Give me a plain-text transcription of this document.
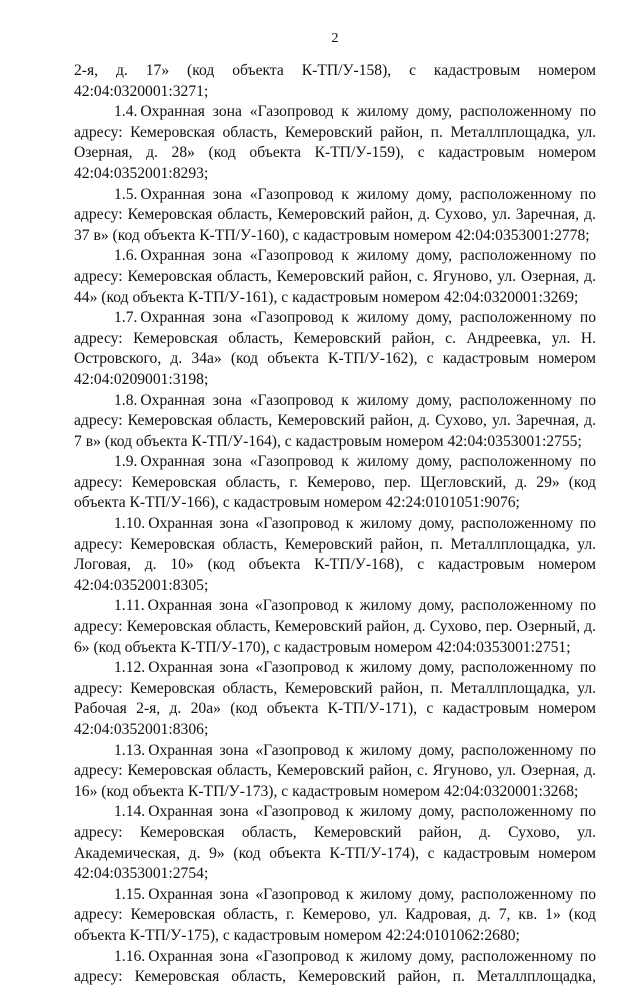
2

2-я, д. 17» (код объекта К-ТП/У-158), с кадастровым номером 42:04:0320001:3271;

1.4. Охранная зона «Газопровод к жилому дому, расположенному по адресу: Кемеровская область, Кемеровский район, п. Металлплощадка, ул. Озерная, д. 28» (код объекта К-ТП/У-159), с кадастровым номером 42:04:0352001:8293;

1.5. Охранная зона «Газопровод к жилому дому, расположенному по адресу: Кемеровская область, Кемеровский район, д. Сухово, ул. Заречная, д. 37 в» (код объекта К-ТП/У-160), с кадастровым номером 42:04:0353001:2778;

1.6. Охранная зона «Газопровод к жилому дому, расположенному по адресу: Кемеровская область, Кемеровский район, с. Ягуново, ул. Озерная, д. 44» (код объекта К-ТП/У-161), с кадастровым номером 42:04:0320001:3269;

1.7. Охранная зона «Газопровод к жилому дому, расположенному по адресу: Кемеровская область, Кемеровский район, с. Андреевка, ул. Н. Островского, д. 34а» (код объекта К-ТП/У-162), с кадастровым номером 42:04:0209001:3198;

1.8. Охранная зона «Газопровод к жилому дому, расположенному по адресу: Кемеровская область, Кемеровский район, д. Сухово, ул. Заречная, д. 7 в» (код объекта К-ТП/У-164), с кадастровым номером 42:04:0353001:2755;

1.9. Охранная зона «Газопровод к жилому дому, расположенному по адресу: Кемеровская область, г. Кемерово, пер. Щегловский, д. 29» (код объекта К-ТП/У-166), с кадастровым номером 42:24:0101051:9076;

1.10. Охранная зона «Газопровод к жилому дому, расположенному по адресу: Кемеровская область, Кемеровский район, п. Металлплощадка, ул. Логовая, д. 10» (код объекта К-ТП/У-168), с кадастровым номером 42:04:0352001:8305;

1.11. Охранная зона «Газопровод к жилому дому, расположенному по адресу: Кемеровская область, Кемеровский район, д. Сухово, пер. Озерный, д. 6» (код объекта К-ТП/У-170), с кадастровым номером 42:04:0353001:2751;

1.12. Охранная зона «Газопровод к жилому дому, расположенному по адресу: Кемеровская область, Кемеровский район, п. Металлплощадка, ул. Рабочая 2-я, д. 20а» (код объекта К-ТП/У-171), с кадастровым номером 42:04:0352001:8306;

1.13. Охранная зона «Газопровод к жилому дому, расположенному по адресу: Кемеровская область, Кемеровский район, с. Ягуново, ул. Озерная, д. 16» (код объекта К-ТП/У-173), с кадастровым номером 42:04:0320001:3268;

1.14. Охранная зона «Газопровод к жилому дому, расположенному по адресу: Кемеровская область, Кемеровский район, д. Сухово, ул. Академическая, д. 9» (код объекта К-ТП/У-174), с кадастровым номером 42:04:0353001:2754;

1.15. Охранная зона «Газопровод к жилому дому, расположенному по адресу: Кемеровская область, г. Кемерово, ул. Кадровая, д. 7, кв. 1» (код объекта К-ТП/У-175), с кадастровым номером 42:24:0101062:2680;

1.16. Охранная зона «Газопровод к жилому дому, расположенному по адресу: Кемеровская область, Кемеровский район, п. Металлплощадка,
